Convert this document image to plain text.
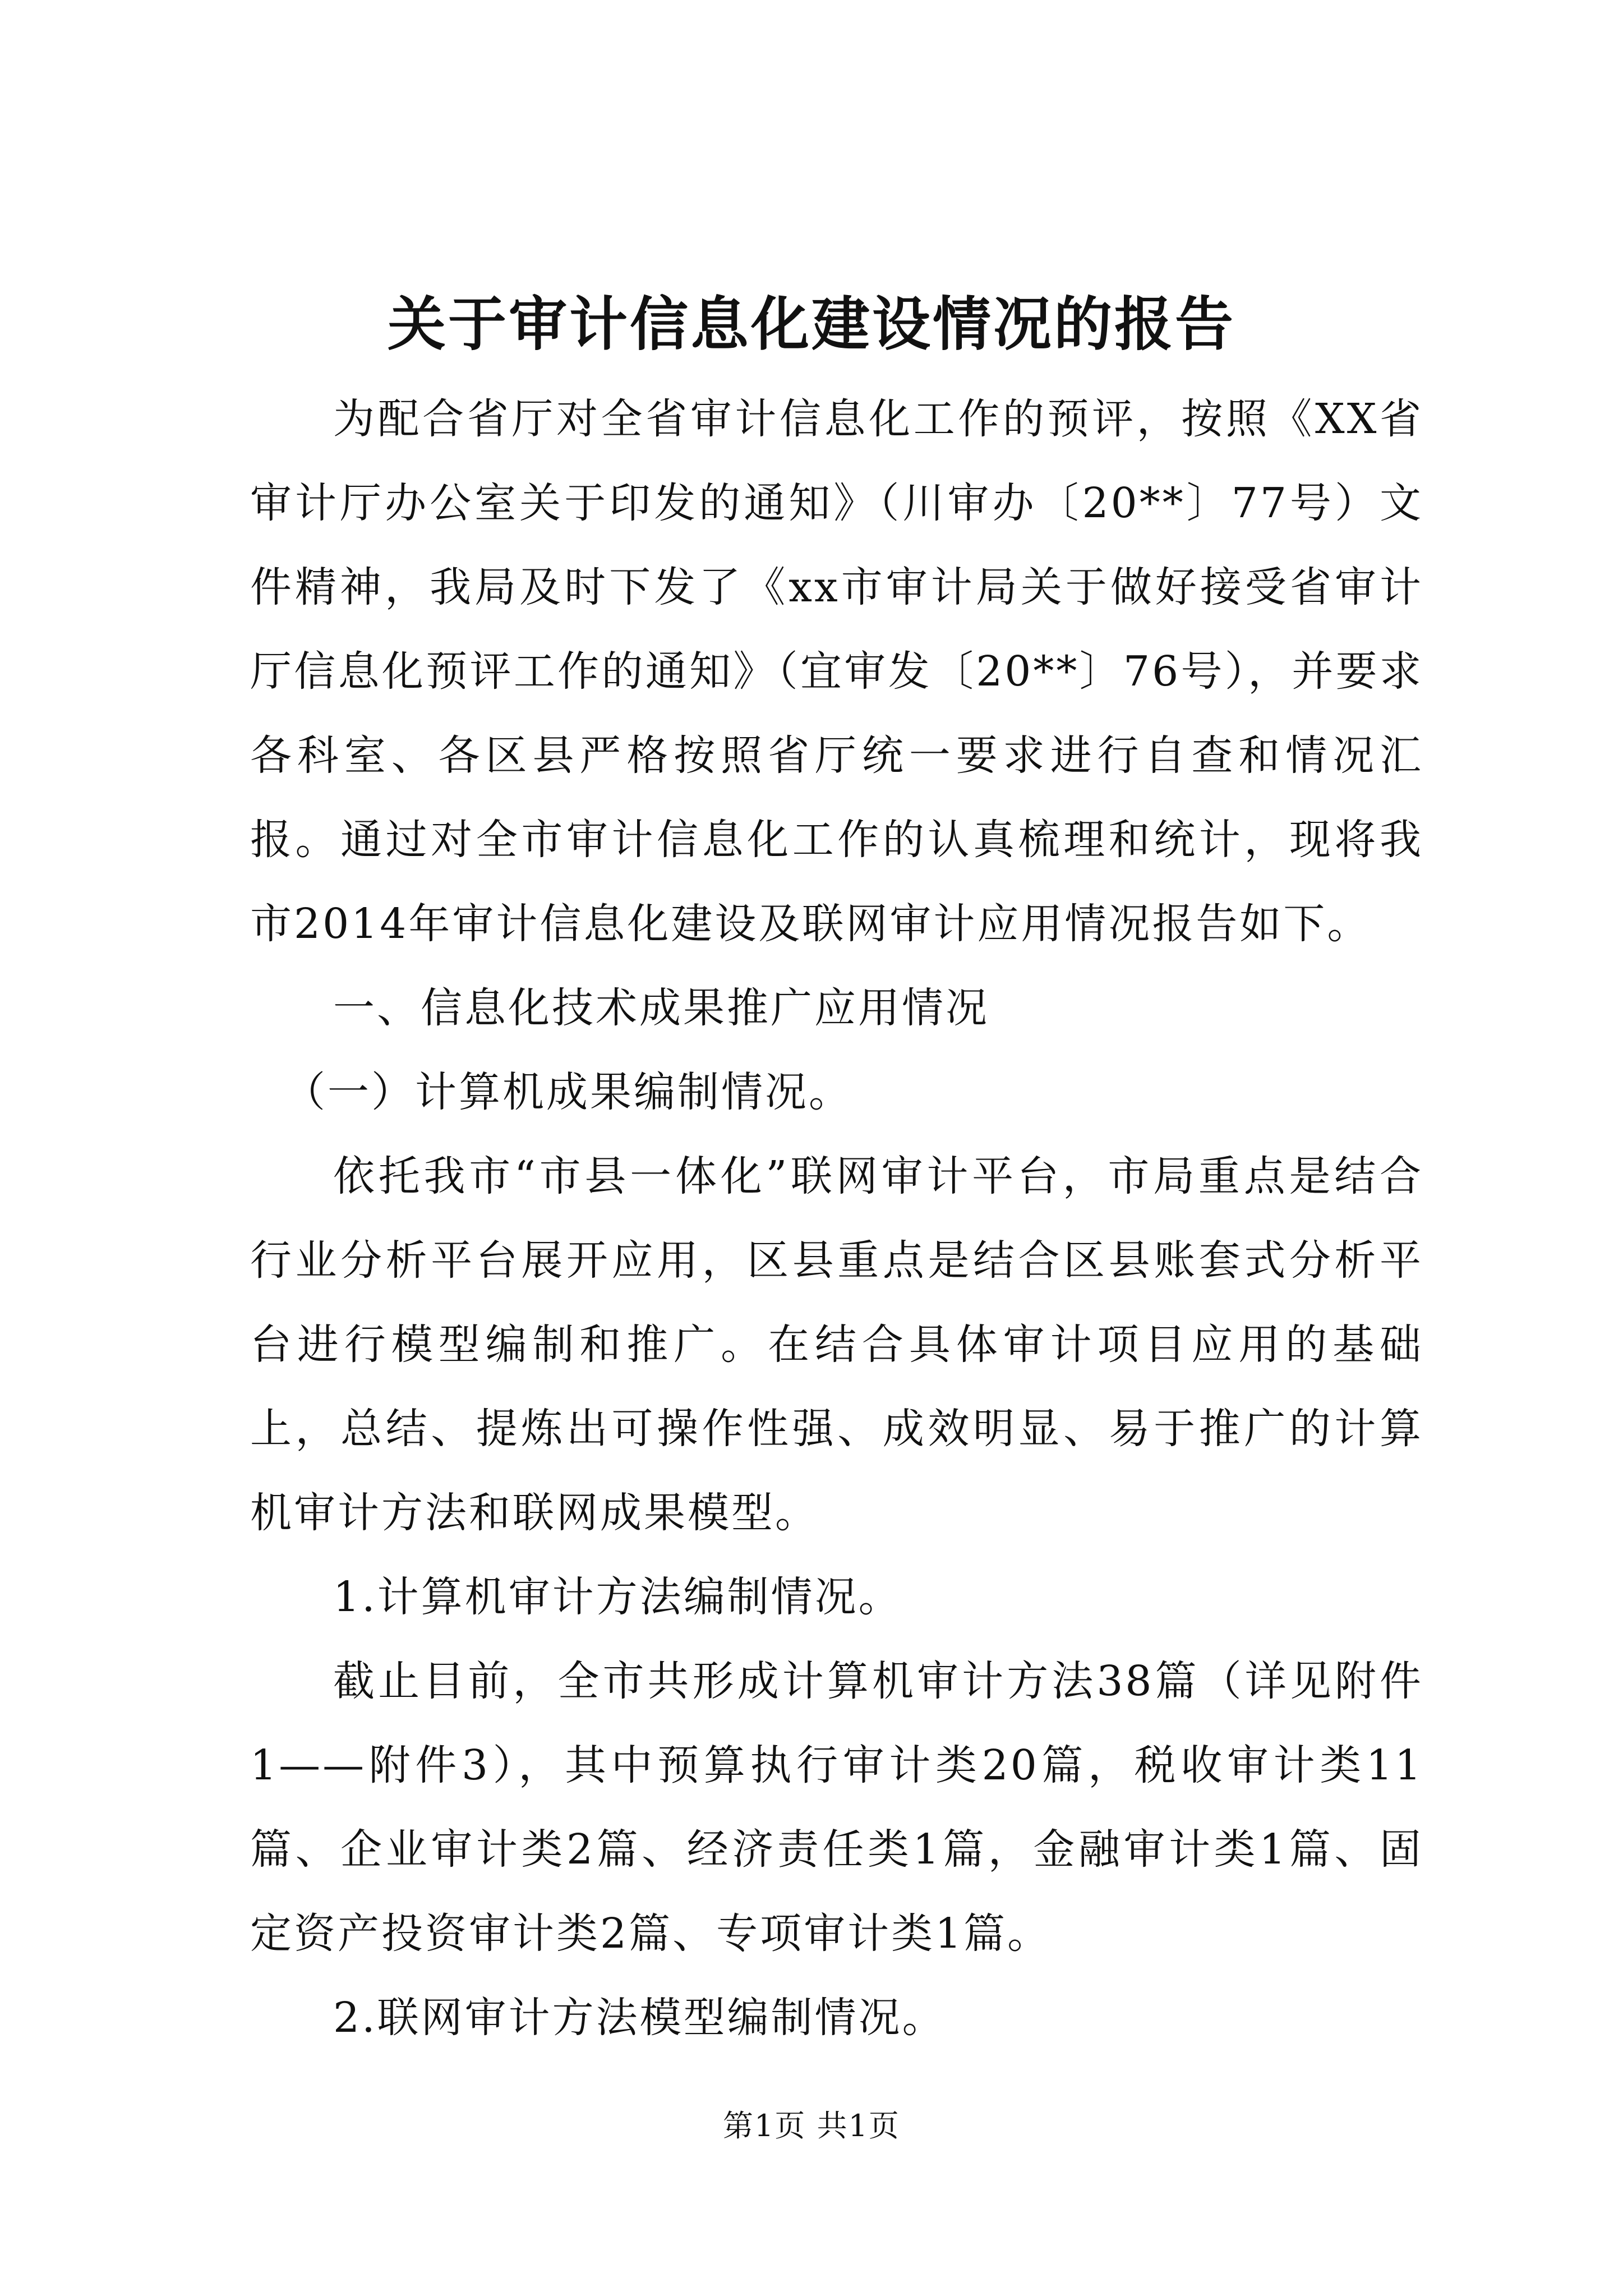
关于审计信息化建设情况的报告

为配合省厅对全省审计信息化工作的预评，按照《XX省审计厅办公室关于印发的通知》（川审办〔20**〕77号）文件精神，我局及时下发了《xx市审计局关于做好接受省审计厅信息化预评工作的通知》（宜审发〔20**〕76号），并要求各科室、各区县严格按照省厅统一要求进行自查和情况汇报。通过对全市审计信息化工作的认真梳理和统计，现将我市2014年审计信息化建设及联网审计应用情况报告如下。

一、信息化技术成果推广应用情况

（一）计算机成果编制情况。

依托我市“市县一体化”联网审计平台，市局重点是结合行业分析平台展开应用，区县重点是结合区县账套式分析平台进行模型编制和推广。在结合具体审计项目应用的基础上，总结、提炼出可操作性强、成效明显、易于推广的计算机审计方法和联网成果模型。

1.计算机审计方法编制情况。

截止目前，全市共形成计算机审计方法38篇（详见附件1——附件3），其中预算执行审计类20篇，税收审计类11篇、企业审计类2篇、经济责任类1篇，金融审计类1篇、固定资产投资审计类2篇、专项审计类1篇。

2.联网审计方法模型编制情况。

第1页 共1页
